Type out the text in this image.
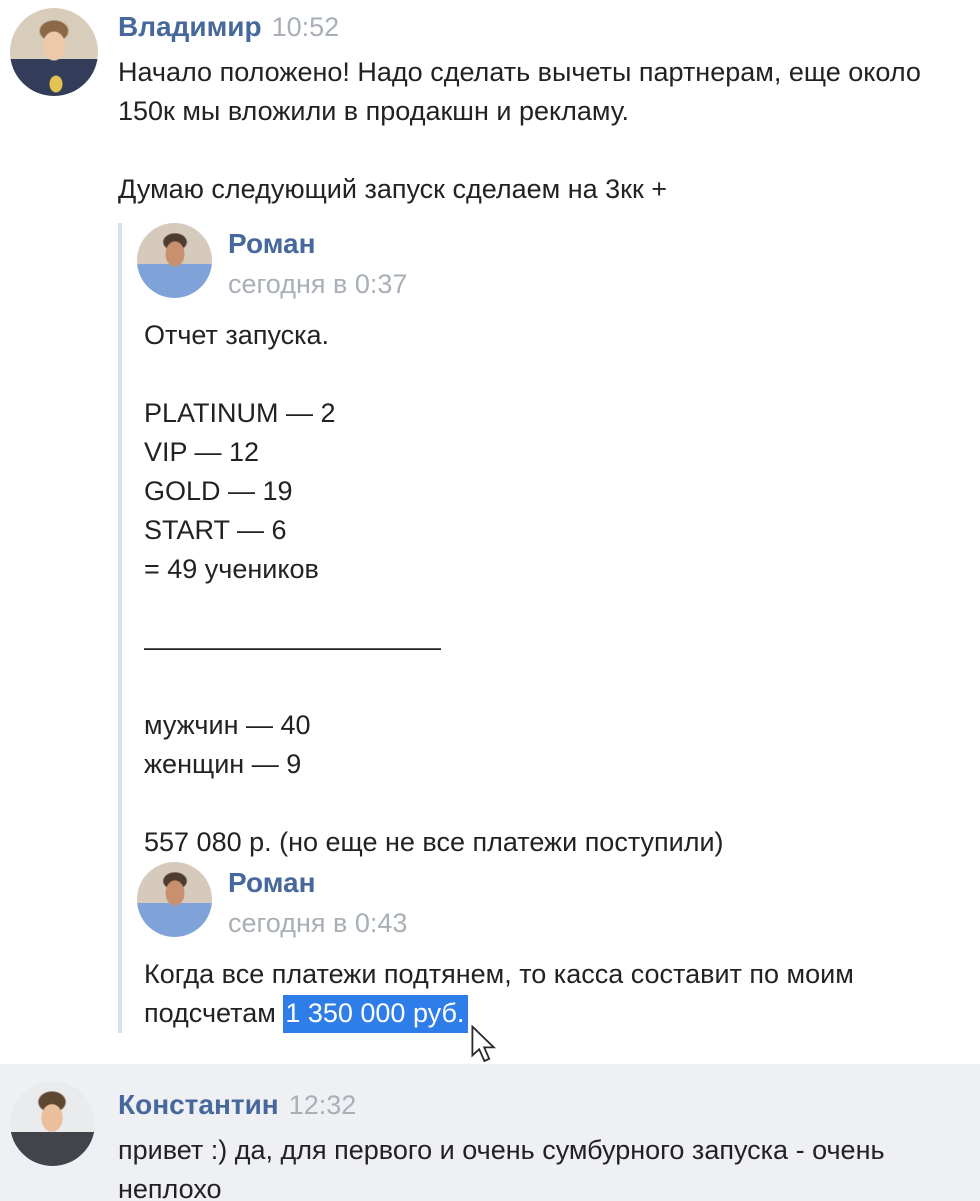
Владимир 10:52
Начало положено! Надо сделать вычеты партнерам, еще около
150к мы вложили в продакшн и рекламу.
Думаю следующий запуск сделаем на 3кк +
Роман
сегодня в 0:37
Отчет запуска.
PLATINUM — 2
VIP — 12
GOLD — 19
START — 6
= 49 учеников
———————————
мужчин — 40
женщин — 9
557 080 р. (но еще не все платежи поступили)
Роман
сегодня в 0:43
Когда все платежи подтянем, то касса составит по моим
подсчетам 1 350 000 руб.
Константин 12:32
привет :) да, для первого и очень сумбурного запуска - очень
неплохо
